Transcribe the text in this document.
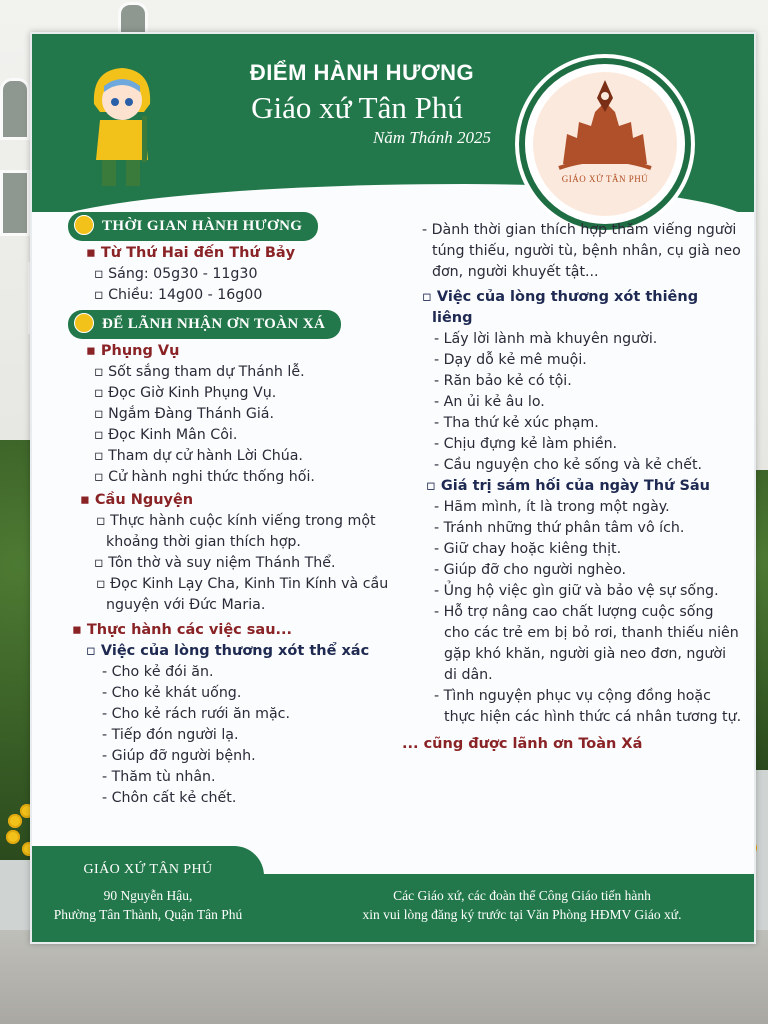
ĐIỂM HÀNH HƯƠNG
Giáo xứ Tân Phú
Năm Thánh 2025
GIÁO XỨ TÂN PHÚ
THỜI GIAN HÀNH HƯƠNG
▪ Từ Thứ Hai đến Thứ Bảy
▫ Sáng: 05g30 - 11g30
▫ Chiều: 14g00 - 16g00
ĐỂ LÃNH NHẬN ƠN TOÀN XÁ
▪ Phụng Vụ
▫ Sốt sắng tham dự Thánh lễ.
▫ Đọc Giờ Kinh Phụng Vụ.
▫ Ngắm Đàng Thánh Giá.
▫ Đọc Kinh Mân Côi.
▫ Tham dự cử hành Lời Chúa.
▫ Cử hành nghi thức thống hối.
▪ Cầu Nguyện
▫ Thực hành cuộc kính viếng trong một khoảng thời gian thích hợp.
▫ Tôn thờ và suy niệm Thánh Thể.
▫ Đọc Kinh Lạy Cha, Kinh Tin Kính và cầu nguyện với Đức Maria.
▪ Thực hành các việc sau...
▫ Việc của lòng thương xót thể xác
- Cho kẻ đói ăn.
- Cho kẻ khát uống.
- Cho kẻ rách rưới ăn mặc.
- Tiếp đón người lạ.
- Giúp đỡ người bệnh.
- Thăm tù nhân.
- Chôn cất kẻ chết.
- Dành thời gian thích hợp thăm viếng người túng thiếu, người tù, bệnh nhân, cụ già neo đơn, người khuyết tật...
▫ Việc của lòng thương xót thiêng liêng
- Lấy lời lành mà khuyên người.
- Dạy dỗ kẻ mê muội.
- Răn bảo kẻ có tội.
- An ủi kẻ âu lo.
- Tha thứ kẻ xúc phạm.
- Chịu đựng kẻ làm phiền.
- Cầu nguyện cho kẻ sống và kẻ chết.
▫ Giá trị sám hối của ngày Thứ Sáu
- Hãm mình, ít là trong một ngày.
- Tránh những thứ phân tâm vô ích.
- Giữ chay hoặc kiêng thịt.
- Giúp đỡ cho người nghèo.
- Ủng hộ việc gìn giữ và bảo vệ sự sống.
- Hỗ trợ nâng cao chất lượng cuộc sống cho các trẻ em bị bỏ rơi, thanh thiếu niên gặp khó khăn, người già neo đơn, người di dân.
- Tình nguyện phục vụ cộng đồng hoặc thực hiện các hình thức cá nhân tương tự.
... cũng được lãnh ơn Toàn Xá
GIÁO XỨ TÂN PHÚ
90 Nguyễn Hậu,
Phường Tân Thành, Quận Tân Phú
Các Giáo xứ, các đoàn thể Công Giáo tiến hành
xin vui lòng đăng ký trước tại Văn Phòng HĐMV Giáo xứ.
